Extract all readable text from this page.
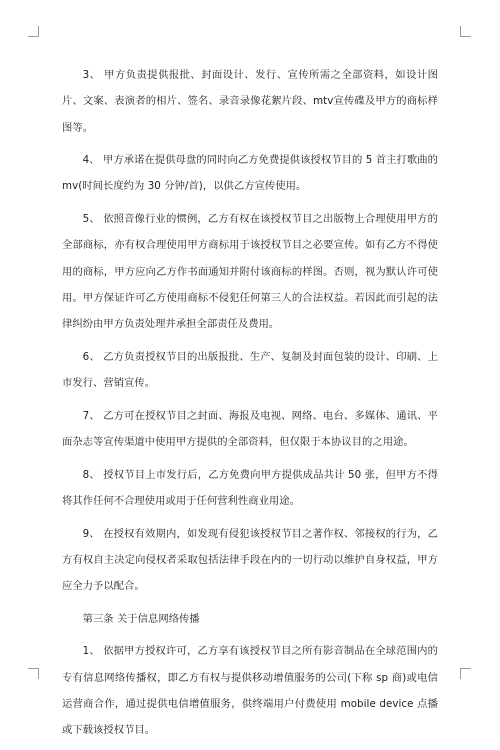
3、 甲方负责提供报批、封面设计、发行、宣传所需之全部资料，如设计图片、文案、表演者的相片、签名、录音录像花絮片段、mtv宣传碟及甲方的商标样图等。

4、 甲方承诺在提供母盘的同时向乙方免费提供该授权节目的 5 首主打歌曲的mv(时间长度约为 30 分钟/首)，以供乙方宣传使用。

5、 依照音像行业的惯例，乙方有权在该授权节目之出版物上合理使用甲方的全部商标，亦有权合理使用甲方商标用于该授权节目之必要宣传。如有乙方不得使用的商标，甲方应向乙方作书面通知并附付该商标的样图。否则，视为默认许可使用。甲方保证许可乙方使用商标不侵犯任何第三人的合法权益。若因此而引起的法律纠纷由甲方负责处理并承担全部责任及费用。

6、 乙方负责授权节目的出版报批、生产、复制及封面包装的设计、印刷、上市发行、营销宣传。

7、 乙方可在授权节目之封面、海报及电视、网络、电台、多媒体、通讯、平面杂志等宣传渠道中使用甲方提供的全部资料，但仅限于本协议目的之用途。

8、 授权节目上市发行后，乙方免费向甲方提供成品共计 50 张，但甲方不得将其作任何不合理使用或用于任何营利性商业用途。

9、 在授权有效期内，如发现有侵犯该授权节目之著作权、邻接权的行为，乙方有权自主决定向侵权者采取包括法律手段在内的一切行动以维护自身权益，甲方应全力予以配合。

第三条 关于信息网络传播

1、 依据甲方授权许可，乙方享有该授权节目之所有影音制品在全球范围内的专有信息网络传播权，即乙方有权与提供移动增值服务的公司(下称 sp 商)或电信运营商合作，通过提供电信增值服务，供终端用户付费使用 mobile device 点播或下载该授权节目。
